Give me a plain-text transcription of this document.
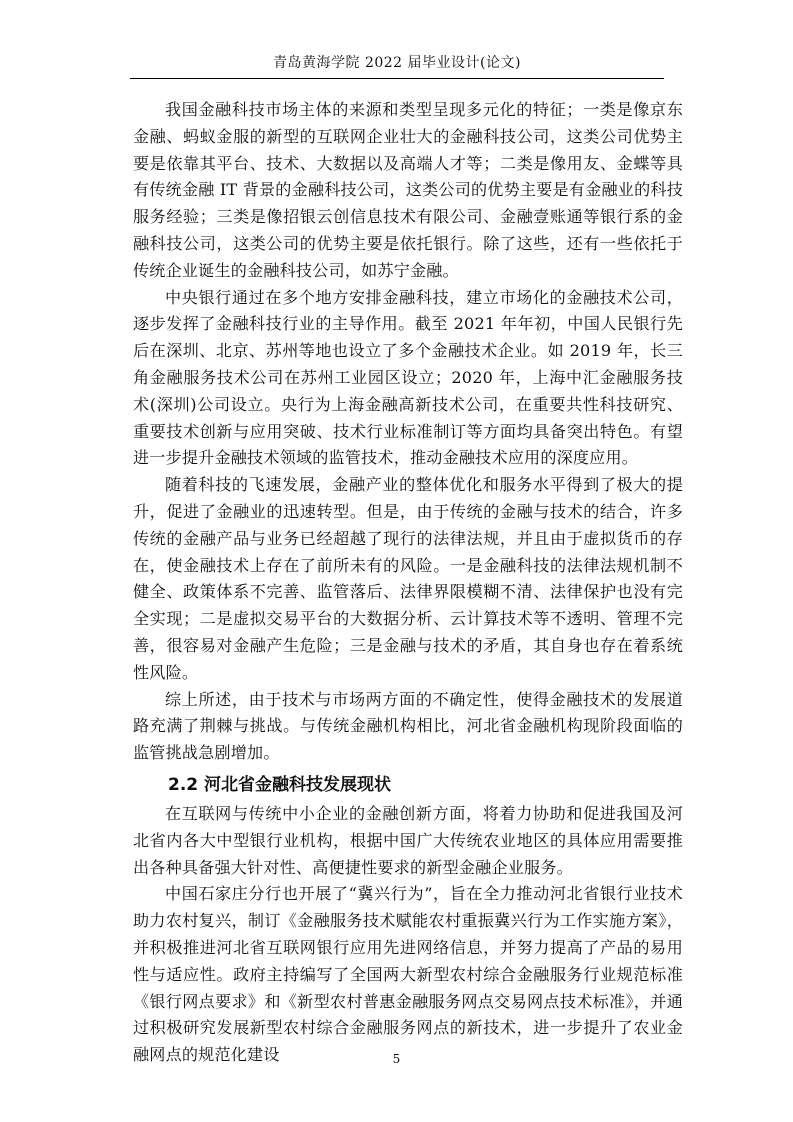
青岛黄海学院 2022 届毕业设计(论文)

我国金融科技市场主体的来源和类型呈现多元化的特征；一类是像京东金融、蚂蚁金服的新型的互联网企业壮大的金融科技公司，这类公司优势主要是依靠其平台、技术、大数据以及高端人才等；二类是像用友、金蝶等具有传统金融 IT 背景的金融科技公司，这类公司的优势主要是有金融业的科技服务经验；三类是像招银云创信息技术有限公司、金融壹账通等银行系的金融科技公司，这类公司的优势主要是依托银行。除了这些，还有一些依托于传统企业诞生的金融科技公司，如苏宁金融。

中央银行通过在多个地方安排金融科技，建立市场化的金融技术公司，逐步发挥了金融科技行业的主导作用。截至 2021 年年初，中国人民银行先后在深圳、北京、苏州等地也设立了多个金融技术企业。如 2019 年，长三角金融服务技术公司在苏州工业园区设立；2020 年，上海中汇金融服务技术(深圳)公司设立。央行为上海金融高新技术公司，在重要共性科技研究、重要技术创新与应用突破、技术行业标准制订等方面均具备突出特色。有望进一步提升金融技术领域的监管技术，推动金融技术应用的深度应用。

随着科技的飞速发展，金融产业的整体优化和服务水平得到了极大的提升，促进了金融业的迅速转型。但是，由于传统的金融与技术的结合，许多传统的金融产品与业务已经超越了现行的法律法规，并且由于虚拟货币的存在，使金融技术上存在了前所未有的风险。一是金融科技的法律法规机制不健全、政策体系不完善、监管落后、法律界限模糊不清、法律保护也没有完全实现；二是虚拟交易平台的大数据分析、云计算技术等不透明、管理不完善，很容易对金融产生危险；三是金融与技术的矛盾，其自身也存在着系统性风险。

综上所述，由于技术与市场两方面的不确定性，使得金融技术的发展道路充满了荆棘与挑战。与传统金融机构相比，河北省金融机构现阶段面临的监管挑战急剧增加。

2.2 河北省金融科技发展现状

在互联网与传统中小企业的金融创新方面，将着力协助和促进我国及河北省内各大中型银行业机构，根据中国广大传统农业地区的具体应用需要推出各种具备强大针对性、高便捷性要求的新型金融企业服务。

中国石家庄分行也开展了“冀兴行为”，旨在全力推动河北省银行业技术助力农村复兴，制订《金融服务技术赋能农村重振冀兴行为工作实施方案》，并积极推进河北省互联网银行应用先进网络信息，并努力提高了产品的易用性与适应性。政府主持编写了全国两大新型农村综合金融服务行业规范标准《银行网点要求》和《新型农村普惠金融服务网点交易网点技术标准》，并通过积极研究发展新型农村综合金融服务网点的新技术，进一步提升了农业金融网点的规范化建设	5
